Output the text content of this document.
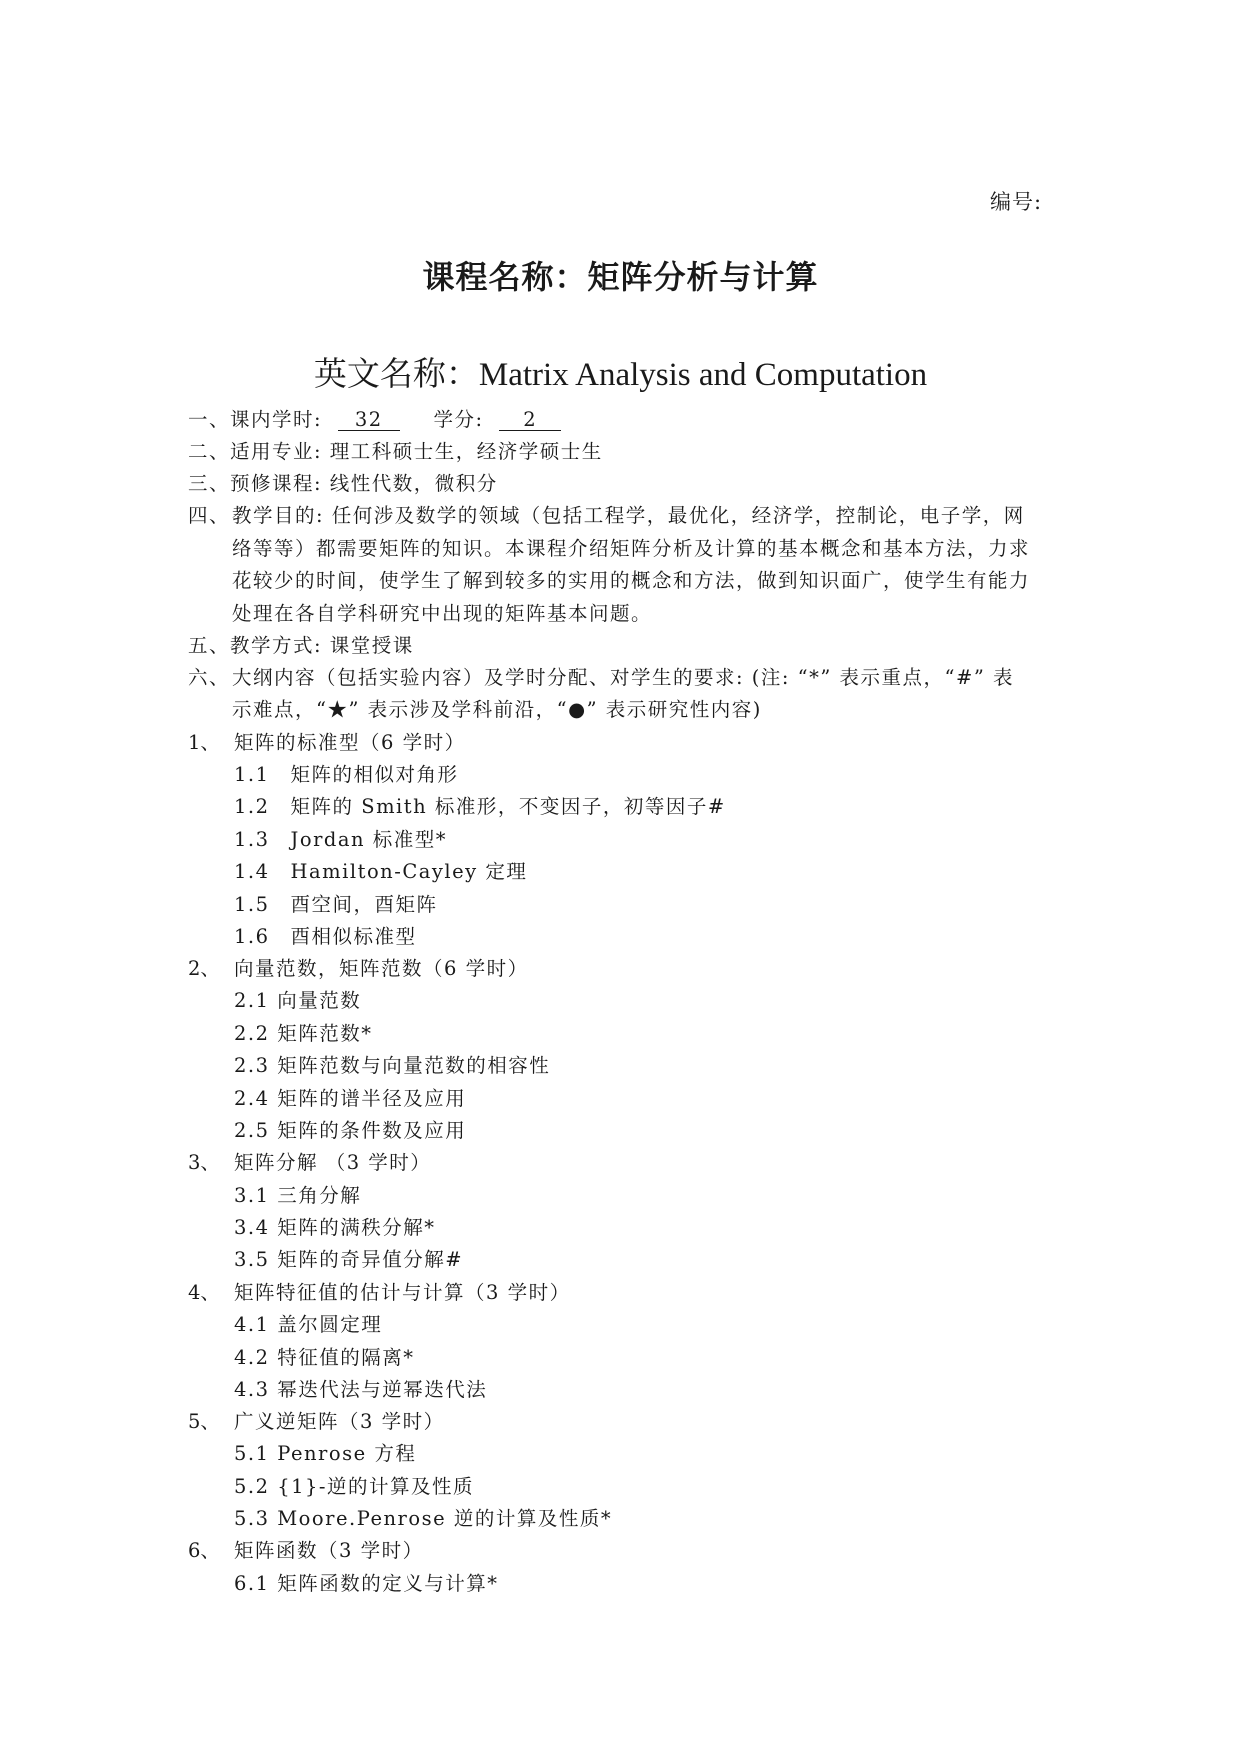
编号:
课程名称：矩阵分析与计算
英文名称：Matrix Analysis and Computation
一、课内学时: 32	学分: 2
二、适用专业: 理工科硕士生，经济学硕士生
三、预修课程: 线性代数，微积分
四、 教学目的: 任何涉及数学的领域（包括工程学，最优化，经济学，控制论，电子学，网
络等等）都需要矩阵的知识。本课程介绍矩阵分析及计算的基本概念和基本方法，力求
花较少的时间，使学生了解到较多的实用的概念和方法，做到知识面广，使学生有能力
处理在各自学科研究中出现的矩阵基本问题。
五、教学方式: 课堂授课
六、 大纲内容（包括实验内容）及学时分配、对学生的要求: (注: “*” 表示重点，“#” 表
示难点，“★” 表示涉及学科前沿，“●” 表示研究性内容)
1、 矩阵的标准型（6 学时）
1.1　矩阵的相似对角形
1.2　矩阵的 Smith 标准形，不变因子，初等因子#
1.3　Jordan 标准型*
1.4　Hamilton-Cayley 定理
1.5　酉空间，酉矩阵
1.6　酉相似标准型
2、 向量范数，矩阵范数（6 学时）
2.1 向量范数
2.2 矩阵范数*
2.3 矩阵范数与向量范数的相容性
2.4 矩阵的谱半径及应用
2.5 矩阵的条件数及应用
3、 矩阵分解 （3 学时）
3.1 三角分解
3.4 矩阵的满秩分解*
3.5 矩阵的奇异值分解#
4、 矩阵特征值的估计与计算（3 学时）
4.1 盖尔圆定理
4.2 特征值的隔离*
4.3 幂迭代法与逆幂迭代法
5、 广义逆矩阵（3 学时）
5.1 Penrose 方程
5.2 {1}-逆的计算及性质
5.3 Moore.Penrose 逆的计算及性质*
6、 矩阵函数（3 学时）
6.1 矩阵函数的定义与计算*
